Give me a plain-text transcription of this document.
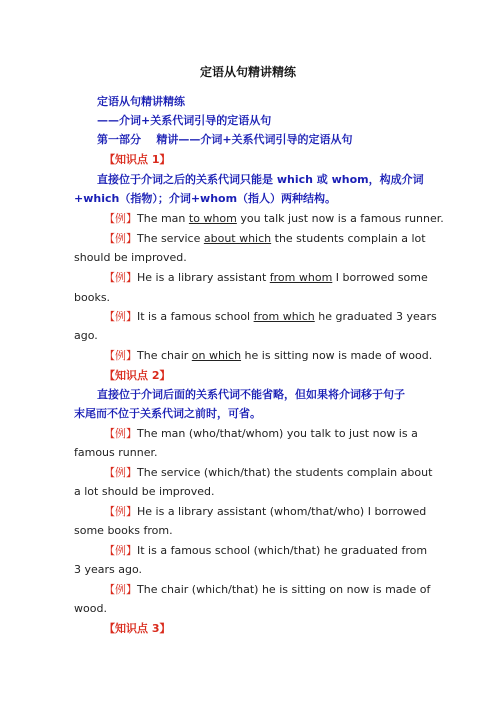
定语从句精讲精练
定语从句精讲精练
——介词+关系代词引导的定语从句
第一部分 精讲——介词+关系代词引导的定语从句
【知识点 1】
直接位于介词之后的关系代词只能是 which 或 whom，构成介词
+which（指物）；介词+whom（指人）两种结构。
【例】The man to whom you talk just now is a famous runner.
【例】The service about which the students complain a lot
should be improved.
【例】He is a library assistant from whom I borrowed some
books.
【例】It is a famous school from which he graduated 3 years
ago.
【例】The chair on which he is sitting now is made of wood.
【知识点 2】
直接位于介词后面的关系代词不能省略，但如果将介词移于句子
末尾而不位于关系代词之前时，可省。
【例】The man (who/that/whom) you talk to just now is a
famous runner.
【例】The service (which/that) the students complain about
a lot should be improved.
【例】He is a library assistant (whom/that/who) I borrowed
some books from.
【例】It is a famous school (which/that) he graduated from
3 years ago.
【例】The chair (which/that) he is sitting on now is made of
wood.
【知识点 3】
